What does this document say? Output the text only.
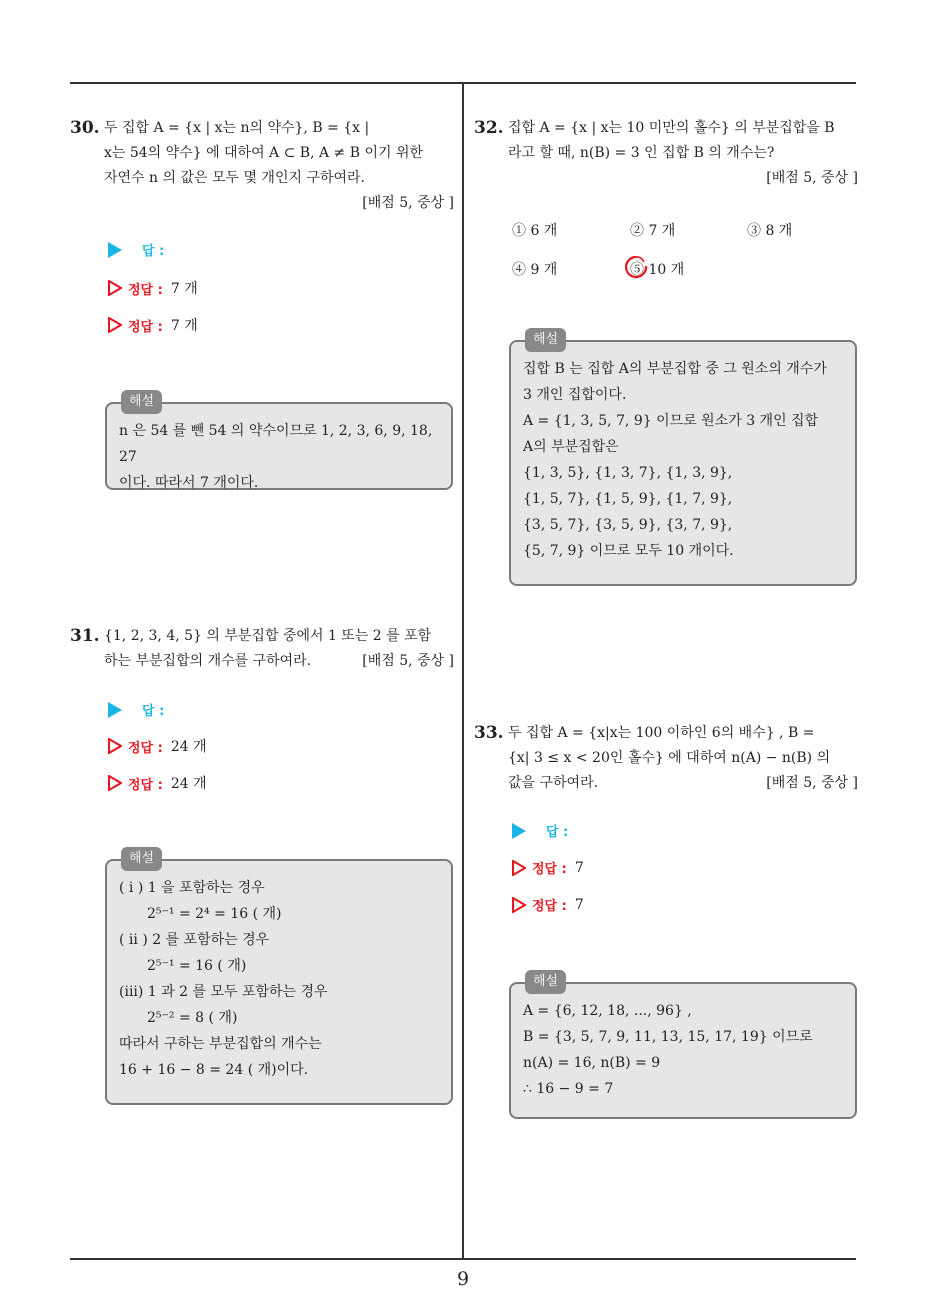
9
30. 두 집합 A = {x | x는 n의 약수}, B = {x |
x는 54의 약수} 에 대하여 A ⊂ B, A ≠ B 이기 위한
자연수 n 의 값은 모두 몇 개인지 구하여라.
[배점 5, 중상 ]
답 :
정답 : 7 개
정답 : 7 개
해설
n 은 54 를 뺀 54 의 약수이므로 1, 2, 3, 6, 9, 18, 27
이다. 따라서 7 개이다.
31. {1, 2, 3, 4, 5} 의 부분집합 중에서 1 또는 2 를 포함
하는 부분집합의 개수를 구하여라.	[배점 5, 중상 ]
답 :
정답 : 24 개
정답 : 24 개
해설
( i ) 1 을 포함하는 경우
2⁵⁻¹ = 2⁴ = 16 ( 개)
( ii ) 2 를 포함하는 경우
2⁵⁻¹ = 16 ( 개)
(iii) 1 과 2 를 모두 포함하는 경우
2⁵⁻² = 8 ( 개)
따라서 구하는 부분집합의 개수는
16 + 16 − 8 = 24 ( 개)이다.
32. 집합 A = {x | x는 10 미만의 홀수} 의 부분집합을 B
라고 할 때, n(B) = 3 인 집합 B 의 개수는?
[배점 5, 중상 ]
① 6 개	② 7 개	③ 8 개
④ 9 개	⑤ 10 개
해설
집합 B 는 집합 A의 부분집합 중 그 원소의 개수가
3 개인 집합이다.
A = {1, 3, 5, 7, 9} 이므로 원소가 3 개인 집합
A의 부분집합은
{1, 3, 5}, {1, 3, 7}, {1, 3, 9},
{1, 5, 7}, {1, 5, 9}, {1, 7, 9},
{3, 5, 7}, {3, 5, 9}, {3, 7, 9},
{5, 7, 9} 이므로 모두 10 개이다.
33. 두 집합 A = {x|x는 100 이하인 6의 배수} , B =
{x| 3 ≤ x < 20인 홀수} 에 대하여 n(A) − n(B) 의
값을 구하여라.	[배점 5, 중상 ]
답 :
정답 : 7
정답 : 7
해설
A = {6, 12, 18, ..., 96} ,
B = {3, 5, 7, 9, 11, 13, 15, 17, 19} 이므로
n(A) = 16, n(B) = 9
∴ 16 − 9 = 7
